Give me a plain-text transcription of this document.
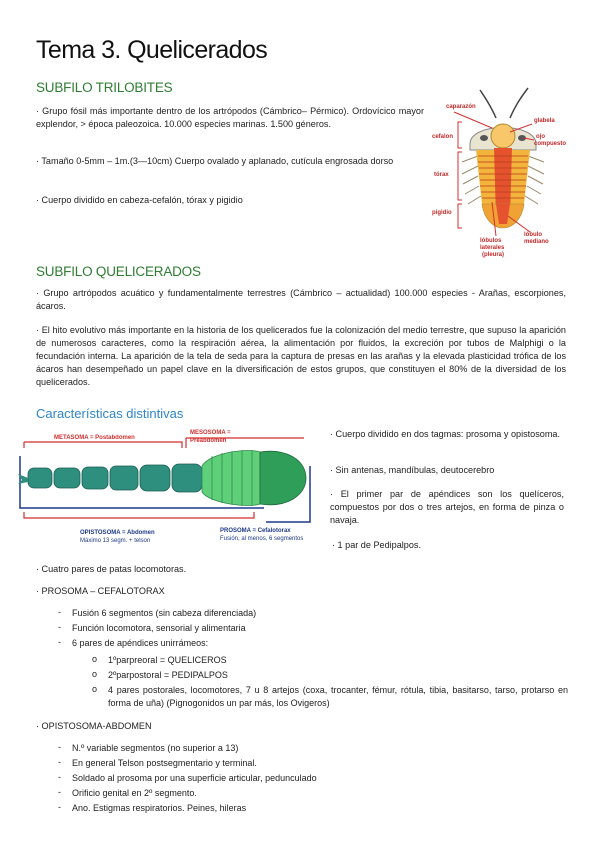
Tema 3. Quelicerados
SUBFILO TRILOBITES

· Grupo fósil más importante dentro de los artrópodos (Cámbrico– Pérmico). Ordovícico mayor explendor, > época paleozoica. 10.000 especies marinas. 1.500 géneros.

· Tamaño 0-5mm – 1m.(3—10cm) Cuerpo ovalado y aplanado, cutícula engrosada dorso

· Cuerpo dividido en cabeza-cefalón, tórax y pigidio

caparazón
glabela
ojo
compuesto
cefalon
tórax
pigidio
lóbulo
mediano
lóbulos
laterales
(pleura)
SUBFILO QUELICERADOS

· Grupo artrópodos acuático y fundamentalmente terrestres (Cámbrico – actualidad) 100.000 especies - Arañas, escorpiones, ácaros.

· El hito evolutivo más importante en la historia de los quelicerados fue la colonización del medio terrestre, que supuso la aparición de numerosos caracteres, como la respiración aérea, la alimentación por fluidos, la excreción por tubos de Malphigi o la fecundación interna. La aparición de la tela de seda para la captura de presas en las arañas y la elevada plasticidad trófica de los ácaros han desempeñado un papel clave en la diversificación de estos grupos, que constituyen el 80% de la diversidad de los quelicerados.

Características distintivas
METASOMA = Postabdomen
MESOSOMA =
Preabdomen
OPISTOSOMA = Abdomen
Máximo 13 segm. + telson
PROSOMA = Cefalotorax
Fusión, al menos, 6 segmentos

· Cuerpo dividido en dos tagmas: prosoma y opistosoma.

· Sin antenas, mandíbulas, deutocerebro

· El primer par de apéndices son los quelíceros, compuestos por dos o tres artejos, en forma de pinza o navaja.

· 1 par de Pedipalpos.

· Cuatro pares de patas locomotoras.

· PROSOMA – CEFALOTORAX

- Fusión 6 segmentos (sin cabeza diferenciada)
- Función locomotora, sensorial y alimentaria
- 6 pares de apéndices unirrámeos:
o 1ºparpreoral = QUELICEROS
o 2ºparpostoral = PEDIPALPOS
o 4 pares postorales, locomotores, 7 u 8 artejos (coxa, trocanter, fémur, rótula, tibia, basitarso, tarso, protarso en forma de uña) (Pignogonidos un par más, los Ovigeros)

· OPISTOSOMA-ABDOMEN

- N.º variable segmentos (no superior a 13)
- En general Telson postsegmentario y terminal.
- Soldado al prosoma por una superficie articular, pedunculado
- Orificio genital en 2º segmento.
- Ano. Estigmas respiratorios. Peines, hileras
